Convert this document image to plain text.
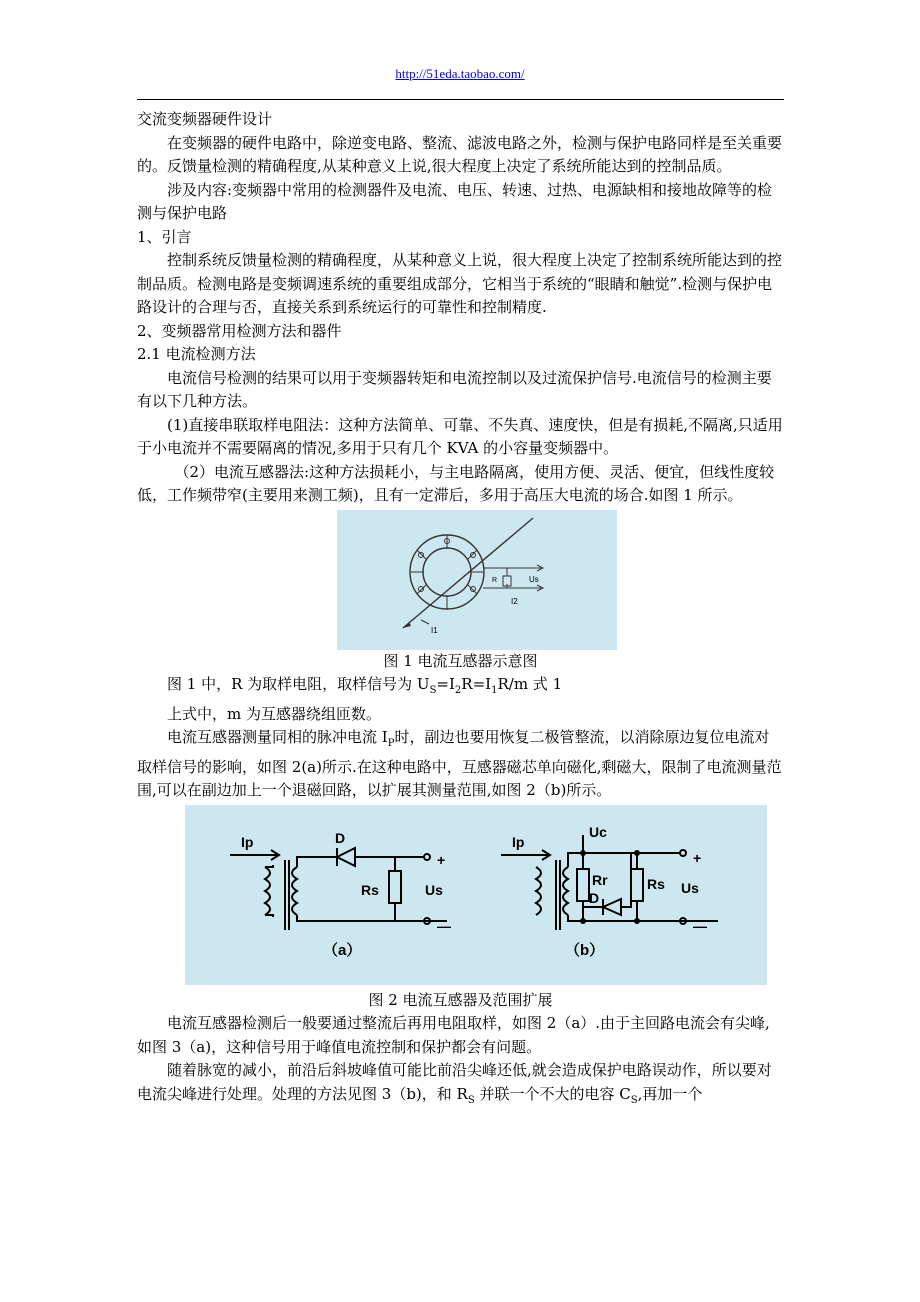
http://51eda.taobao.com/

交流变频器硬件设计

在变频器的硬件电路中，除逆变电路、整流、滤波电路之外，检测与保护电路同样是至关重要的。反馈量检测的精确程度,从某种意义上说,很大程度上决定了系统所能达到的控制品质。

涉及内容:变频器中常用的检测器件及电流、电压、转速、过热、电源缺相和接地故障等的检测与保护电路

1、引言

控制系统反馈量检测的精确程度，从某种意义上说，很大程度上决定了控制系统所能达到的控制品质。检测电路是变频调速系统的重要组成部分，它相当于系统的“眼睛和触觉”.检测与保护电路设计的合理与否，直接关系到系统运行的可靠性和控制精度.

2、变频器常用检测方法和器件

2.1 电流检测方法

电流信号检测的结果可以用于变频器转矩和电流控制以及过流保护信号.电流信号的检测主要有以下几种方法。

(1)直接串联取样电阻法：这种方法简单、可靠、不失真、速度快，但是有损耗,不隔离,只适用于小电流并不需要隔离的情况,多用于只有几个 KVA 的小容量变频器中。

（2）电流互感器法:这种方法损耗小，与主电路隔离，使用方便、灵活、便宜，但线性度较低，工作频带窄(主要用来测工频)，且有一定滞后，多用于高压大电流的场合.如图 1 所示。

R	Us
I2
I1

图 1 电流互感器示意图

图 1 中，R 为取样电阻，取样信号为 $U_S=I_2R=I_1R/m$ 式 1

上式中，m 为互感器绕组匝数。

电流互感器测量同相的脉冲电流 $I_P$时，副边也要用恢复二极管整流，以消除原边复位电流对取样信号的影响，如图 2(a)所示.在这种电路中，互感器磁芯单向磁化,剩磁大，限制了电流测量范围,可以在副边加上一个退磁回路，以扩展其测量范围,如图 2（b)所示。

Ip	D
Rs
+
Us
—
（a）
Ip
Uc
Rr
D
Rs
+
Us
—
（b）

图 2 电流互感器及范围扩展

电流互感器检测后一般要通过整流后再用电阻取样，如图 2（a）.由于主回路电流会有尖峰,如图 3（a)，这种信号用于峰值电流控制和保护都会有问题。

随着脉宽的减小，前沿后斜坡峰值可能比前沿尖峰还低,就会造成保护电路误动作，所以要对电流尖峰进行处理。处理的方法见图 3（b)，和 $R_S$ 并联一个不大的电容 $C_S$,再加一个
